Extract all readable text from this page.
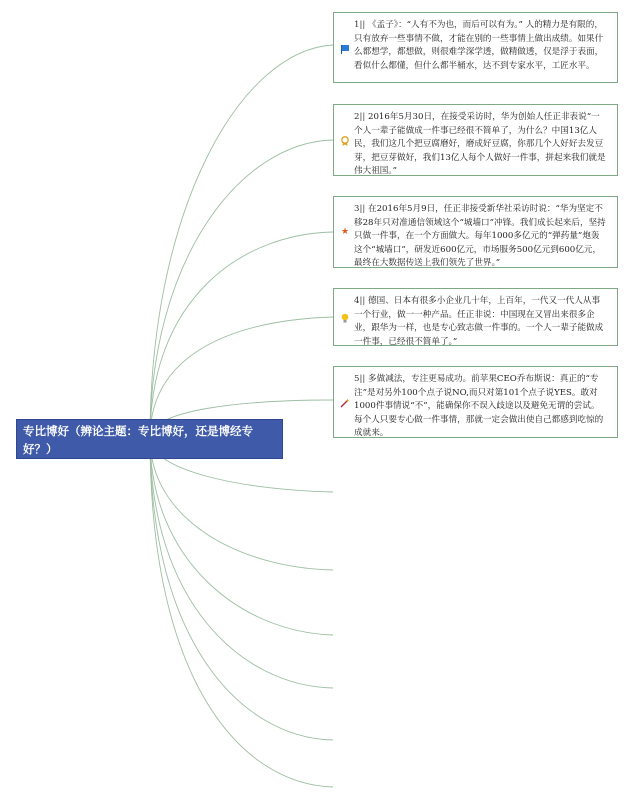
专比博好（辨论主题：专比博好，还是博经专好？）
1|| 《孟子》：“人有不为也，而后可以有为。” 人的精力是有限的，只有放弃一些事情不做，才能在别的一些事情上做出成绩。如果什么都想学，都想做，则很难学深学透，做精做透，仅是浮于表面，看似什么都懂，但什么都半桶水，达不到专家水平，工匠水平。
2|| 2016年5月30日，在接受采访时，华为创始人任正非表说“一个人一辈子能做成一件事已经很不简单了，为什么？中国13亿人民，我们这几个把豆腐磨好，磨成好豆腐，你那几个人好好去发豆芽，把豆芽做好，我们13亿人每个人做好一件事，拼起来我们就是伟大祖国。”
★
3|| 在2016年5月9日，任正非接受新华社采访时说：“华为坚定不移28年只对准通信领域这个“城墙口”冲锋。我们成长起来后，坚持只做一件事，在一个方面做大。每年1000多亿元的“弹药量”炮轰这个“城墙口”，研发近600亿元，市场服务500亿元到600亿元，最终在大数据传送上我们领先了世界。”
4|| 德国、日本有很多小企业几十年，上百年，一代又一代人从事一个行业，做一一种产品。任正非说：中国现在又冒出来很多企业，跟华为一样，也是专心致志做一件事的。一个人一辈子能做成一件事，已经很不简单了。”
5|| 多做减法，专注更易成功。前苹果CEO乔布斯说：真正的“专注”是对另外100个点子说NO,而只对第101个点子说YES。敢对1000件事情说“不”，能确保你不误入歧途以及避免无谓的尝试。每个人只要专心做一件事情，那就一定会做出使自己都感到吃惊的成就来。
